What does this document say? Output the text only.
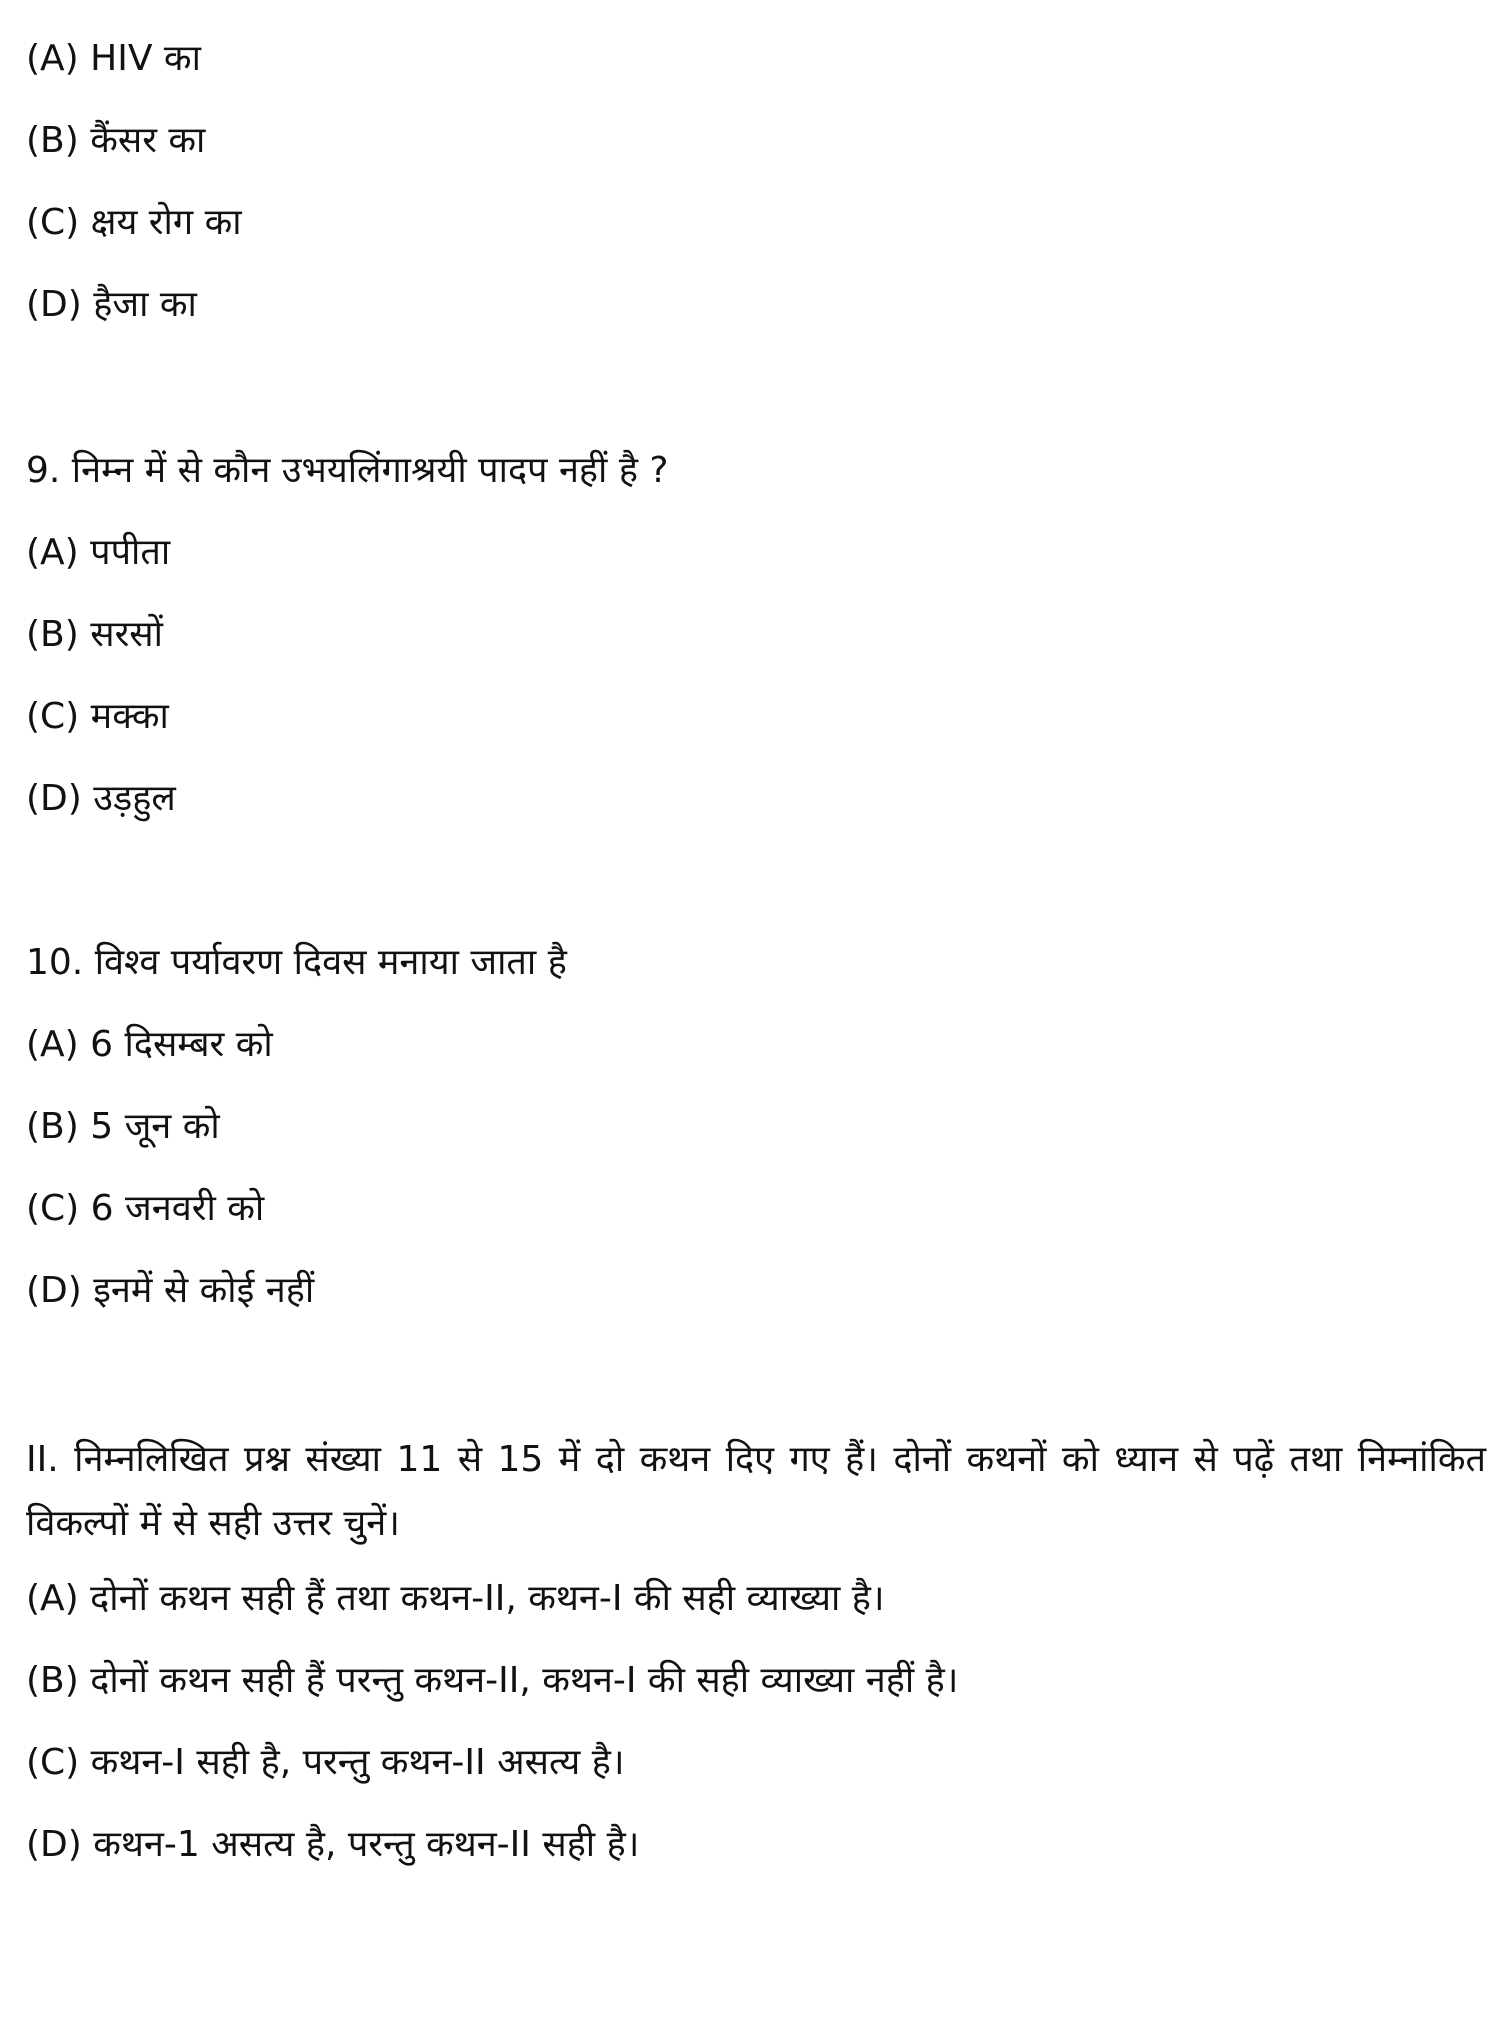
(A) HIV का
(B) कैंसर का
(C) क्षय रोग का
(D) हैजा का
9. निम्न में से कौन उभयलिंगाश्रयी पादप नहीं है ?
(A) पपीता
(B) सरसों
(C) मक्का
(D) उड़हुल
10. विश्व पर्यावरण दिवस मनाया जाता है
(A) 6 दिसम्बर को
(B) 5 जून को
(C) 6 जनवरी को
(D) इनमें से कोई नहीं
II. निम्नलिखित प्रश्न संख्या 11 से 15 में दो कथन दिए गए हैं। दोनों कथनों को ध्यान से पढ़ें तथा निम्नांकित विकल्पों में से सही उत्तर चुनें।
(A) दोनों कथन सही हैं तथा कथन-II, कथन-I की सही व्याख्या है।
(B) दोनों कथन सही हैं परन्तु कथन-II, कथन-I की सही व्याख्या नहीं है।
(C) कथन-I सही है, परन्तु कथन-II असत्य है।
(D) कथन-1 असत्य है, परन्तु कथन-II सही है।
